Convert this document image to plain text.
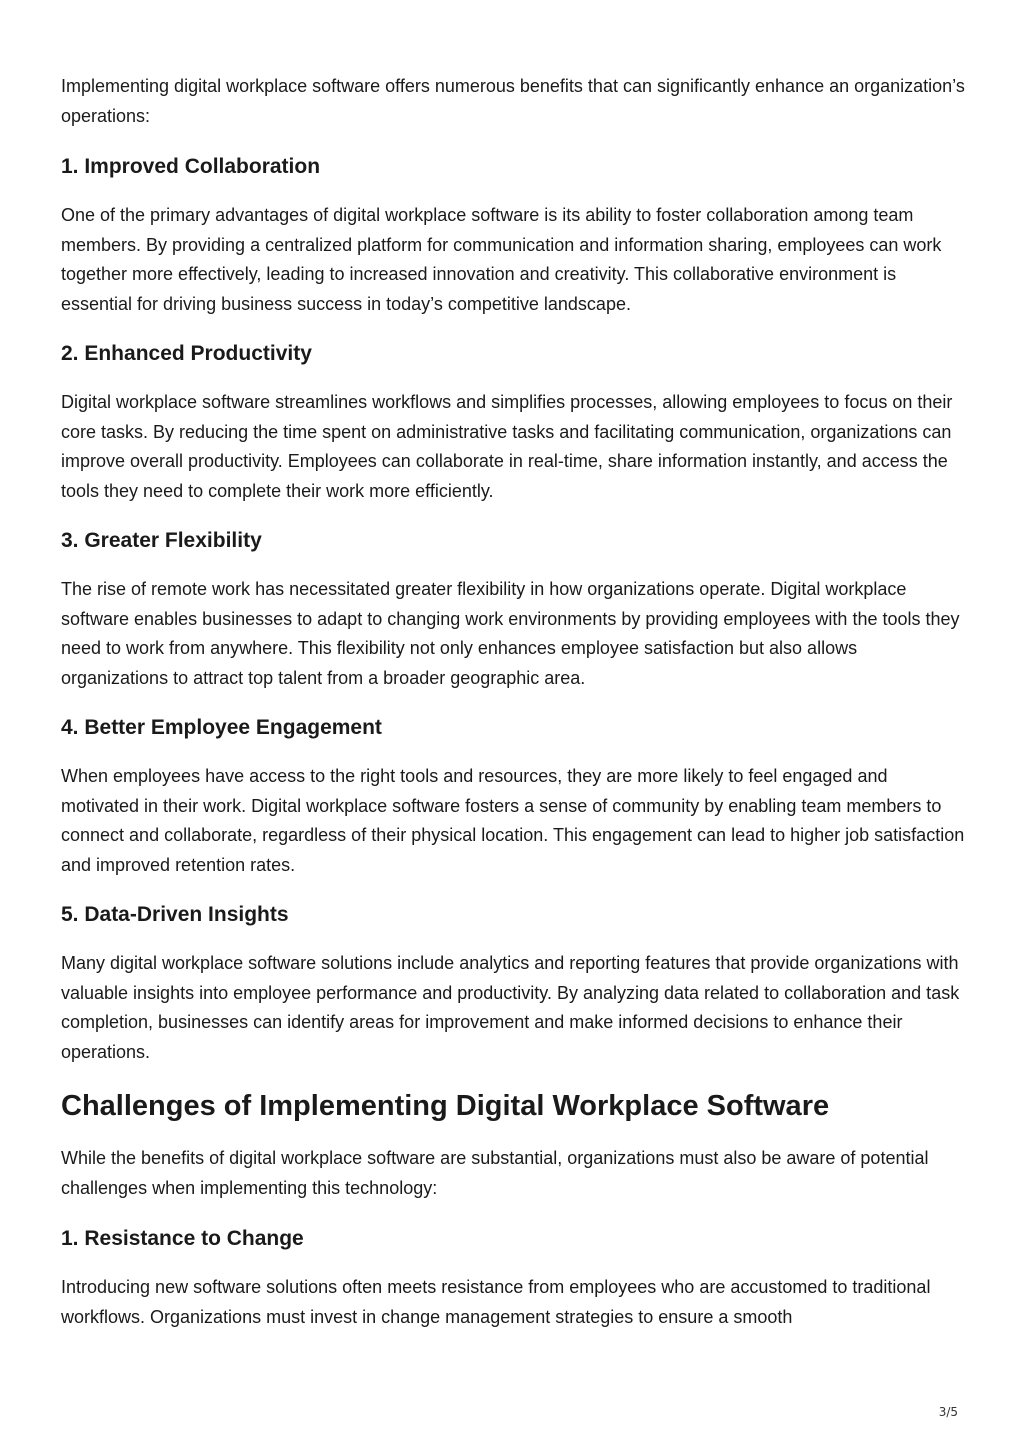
Implementing digital workplace software offers numerous benefits that can significantly enhance an organization’s operations:

1. Improved Collaboration

One of the primary advantages of digital workplace software is its ability to foster collaboration among team members. By providing a centralized platform for communication and information sharing, employees can work together more effectively, leading to increased innovation and creativity. This collaborative environment is essential for driving business success in today’s competitive landscape.

2. Enhanced Productivity

Digital workplace software streamlines workflows and simplifies processes, allowing employees to focus on their core tasks. By reducing the time spent on administrative tasks and facilitating communication, organizations can improve overall productivity. Employees can collaborate in real-time, share information instantly, and access the tools they need to complete their work more efficiently.

3. Greater Flexibility

The rise of remote work has necessitated greater flexibility in how organizations operate. Digital workplace software enables businesses to adapt to changing work environments by providing employees with the tools they need to work from anywhere. This flexibility not only enhances employee satisfaction but also allows organizations to attract top talent from a broader geographic area.

4. Better Employee Engagement

When employees have access to the right tools and resources, they are more likely to feel engaged and motivated in their work. Digital workplace software fosters a sense of community by enabling team members to connect and collaborate, regardless of their physical location. This engagement can lead to higher job satisfaction and improved retention rates.

5. Data-Driven Insights

Many digital workplace software solutions include analytics and reporting features that provide organizations with valuable insights into employee performance and productivity. By analyzing data related to collaboration and task completion, businesses can identify areas for improvement and make informed decisions to enhance their operations.

Challenges of Implementing Digital Workplace Software

While the benefits of digital workplace software are substantial, organizations must also be aware of potential challenges when implementing this technology:

1. Resistance to Change

Introducing new software solutions often meets resistance from employees who are accustomed to traditional workflows. Organizations must invest in change management strategies to ensure a smooth

3/5
